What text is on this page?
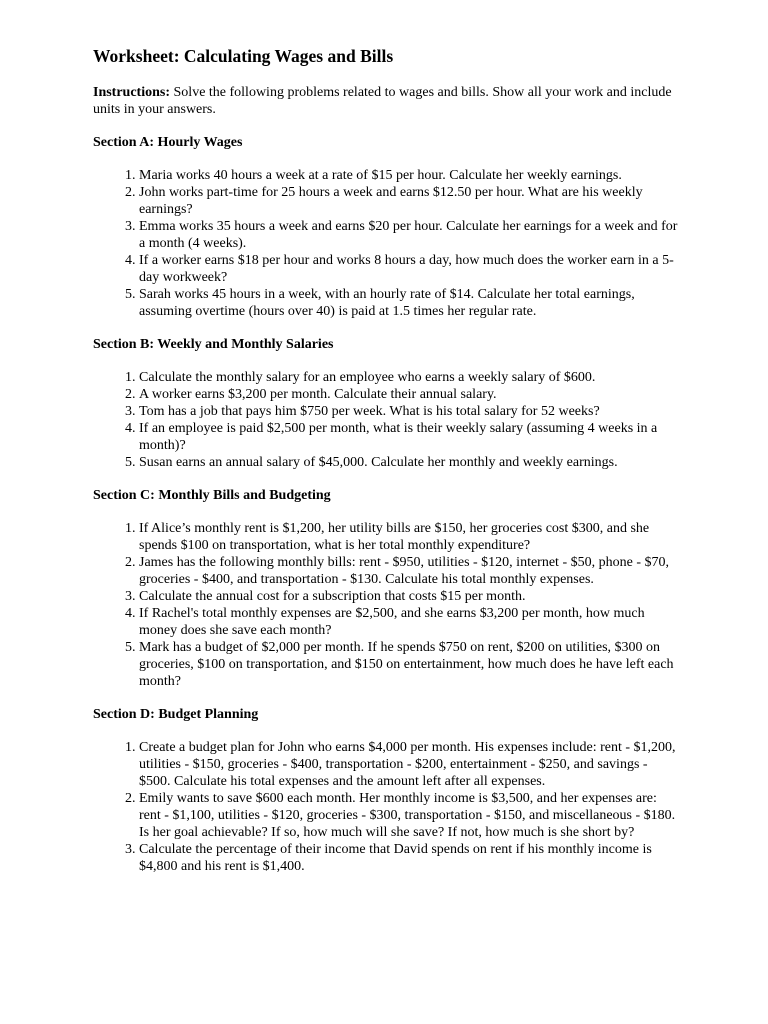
Worksheet: Calculating Wages and Bills

Instructions: Solve the following problems related to wages and bills. Show all your work and include units in your answers.

Section A: Hourly Wages
1. Maria works 40 hours a week at a rate of $15 per hour. Calculate her weekly earnings.
2. John works part-time for 25 hours a week and earns $12.50 per hour. What are his weekly earnings?
3. Emma works 35 hours a week and earns $20 per hour. Calculate her earnings for a week and for a month (4 weeks).
4. If a worker earns $18 per hour and works 8 hours a day, how much does the worker earn in a 5-day workweek?
5. Sarah works 45 hours in a week, with an hourly rate of $14. Calculate her total earnings, assuming overtime (hours over 40) is paid at 1.5 times her regular rate.
Section B: Weekly and Monthly Salaries
1. Calculate the monthly salary for an employee who earns a weekly salary of $600.
2. A worker earns $3,200 per month. Calculate their annual salary.
3. Tom has a job that pays him $750 per week. What is his total salary for 52 weeks?
4. If an employee is paid $2,500 per month, what is their weekly salary (assuming 4 weeks in a month)?
5. Susan earns an annual salary of $45,000. Calculate her monthly and weekly earnings.
Section C: Monthly Bills and Budgeting
1. If Alice’s monthly rent is $1,200, her utility bills are $150, her groceries cost $300, and she spends $100 on transportation, what is her total monthly expenditure?
2. James has the following monthly bills: rent - $950, utilities - $120, internet - $50, phone - $70, groceries - $400, and transportation - $130. Calculate his total monthly expenses.
3. Calculate the annual cost for a subscription that costs $15 per month.
4. If Rachel's total monthly expenses are $2,500, and she earns $3,200 per month, how much money does she save each month?
5. Mark has a budget of $2,000 per month. If he spends $750 on rent, $200 on utilities, $300 on groceries, $100 on transportation, and $150 on entertainment, how much does he have left each month?
Section D: Budget Planning
1. Create a budget plan for John who earns $4,000 per month. His expenses include: rent - $1,200, utilities - $150, groceries - $400, transportation - $200, entertainment - $250, and savings - $500. Calculate his total expenses and the amount left after all expenses.
2. Emily wants to save $600 each month. Her monthly income is $3,500, and her expenses are: rent - $1,100, utilities - $120, groceries - $300, transportation - $150, and miscellaneous - $180. Is her goal achievable? If so, how much will she save? If not, how much is she short by?
3. Calculate the percentage of their income that David spends on rent if his monthly income is $4,800 and his rent is $1,400.
